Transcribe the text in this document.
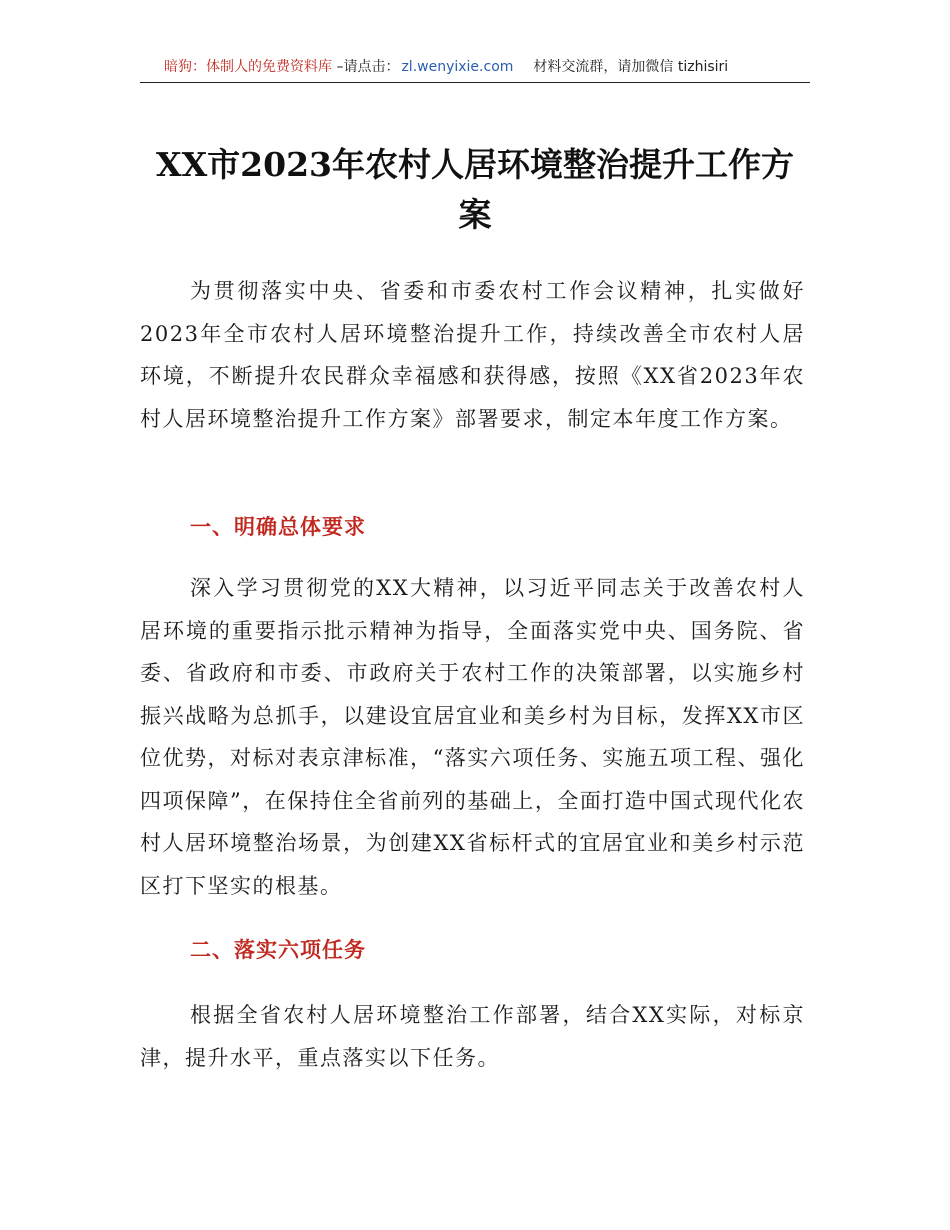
暗狗：体制人的免费资料库 –请点击： zl.wenyixie.com 材料交流群，请加微信 tizhisiri
XX市2023年农村人居环境整治提升工作方案

为贯彻落实中央、省委和市委农村工作会议精神，扎实做好2023年全市农村人居环境整治提升工作，持续改善全市农村人居环境，不断提升农民群众幸福感和获得感，按照《XX省2023年农村人居环境整治提升工作方案》部署要求，制定本年度工作方案。

一、明确总体要求

深入学习贯彻党的XX大精神，以习近平同志关于改善农村人居环境的重要指示批示精神为指导，全面落实党中央、国务院、省委、省政府和市委、市政府关于农村工作的决策部署，以实施乡村振兴战略为总抓手，以建设宜居宜业和美乡村为目标，发挥XX市区位优势，对标对表京津标准，“落实六项任务、实施五项工程、强化四项保障”，在保持住全省前列的基础上，全面打造中国式现代化农村人居环境整治场景，为创建XX省标杆式的宜居宜业和美乡村示范区打下坚实的根基。

二、落实六项任务

根据全省农村人居环境整治工作部署，结合XX实际，对标京津，提升水平，重点落实以下任务。
